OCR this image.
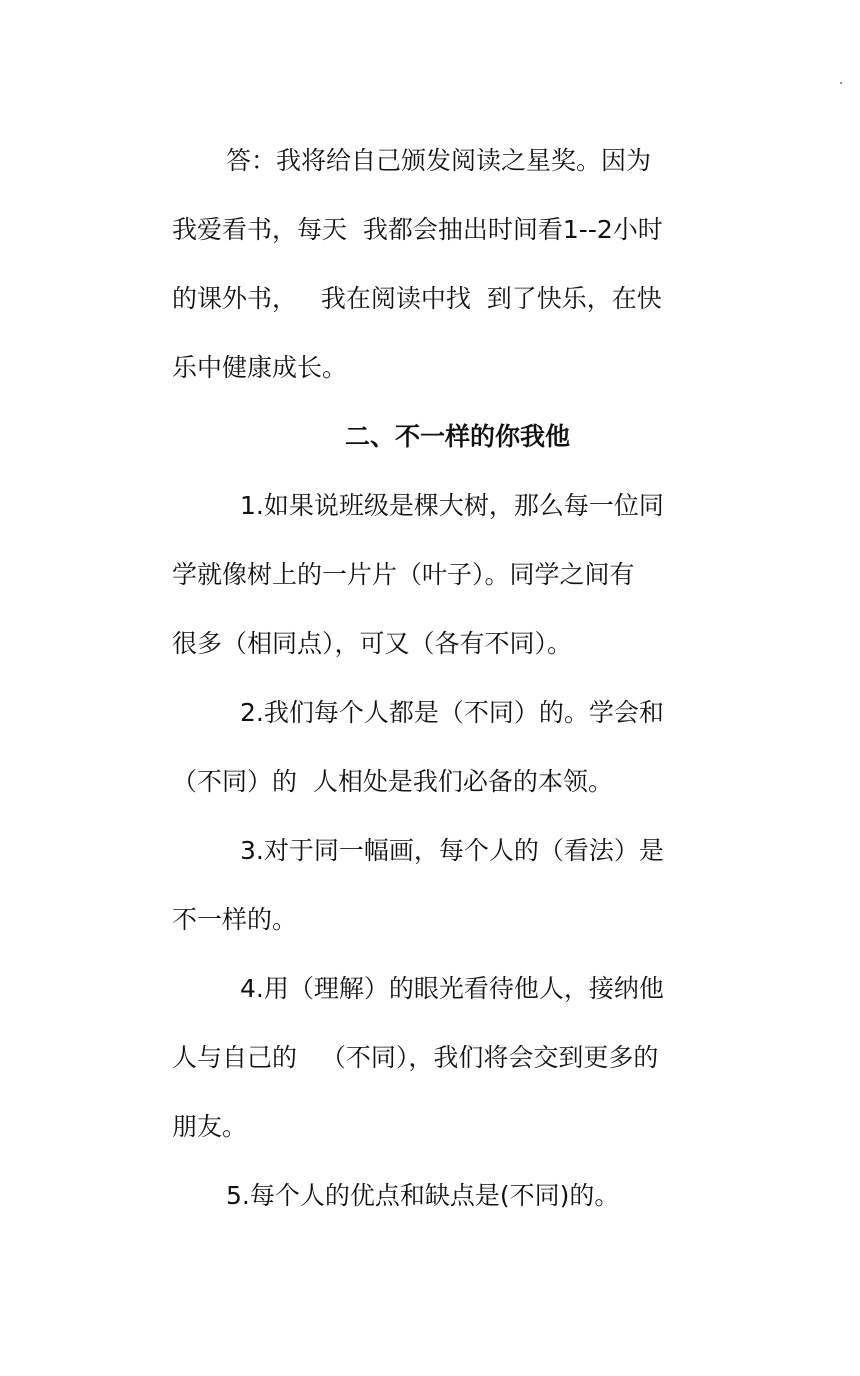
答：我将给自己颁发阅读之星奖。因为
我爱看书，每天  我都会抽出时间看1--2小时
的课外书，   我在阅读中找  到了快乐，在快
乐中健康成长。
二、不一样的你我他
1.如果说班级是棵大树，那么每一位同
学就像树上的一片片（叶子）。同学之间有
很多（相同点），可又（各有不同）。
2.我们每个人都是（不同）的。学会和
（不同）的  人相处是我们必备的本领。
3.对于同一幅画，每个人的（看法）是
不一样的。
4.用（理解）的眼光看待他人，接纳他
人与自己的   （不同），我们将会交到更多的
朋友。
5.每个人的优点和缺点是(不同)的。
